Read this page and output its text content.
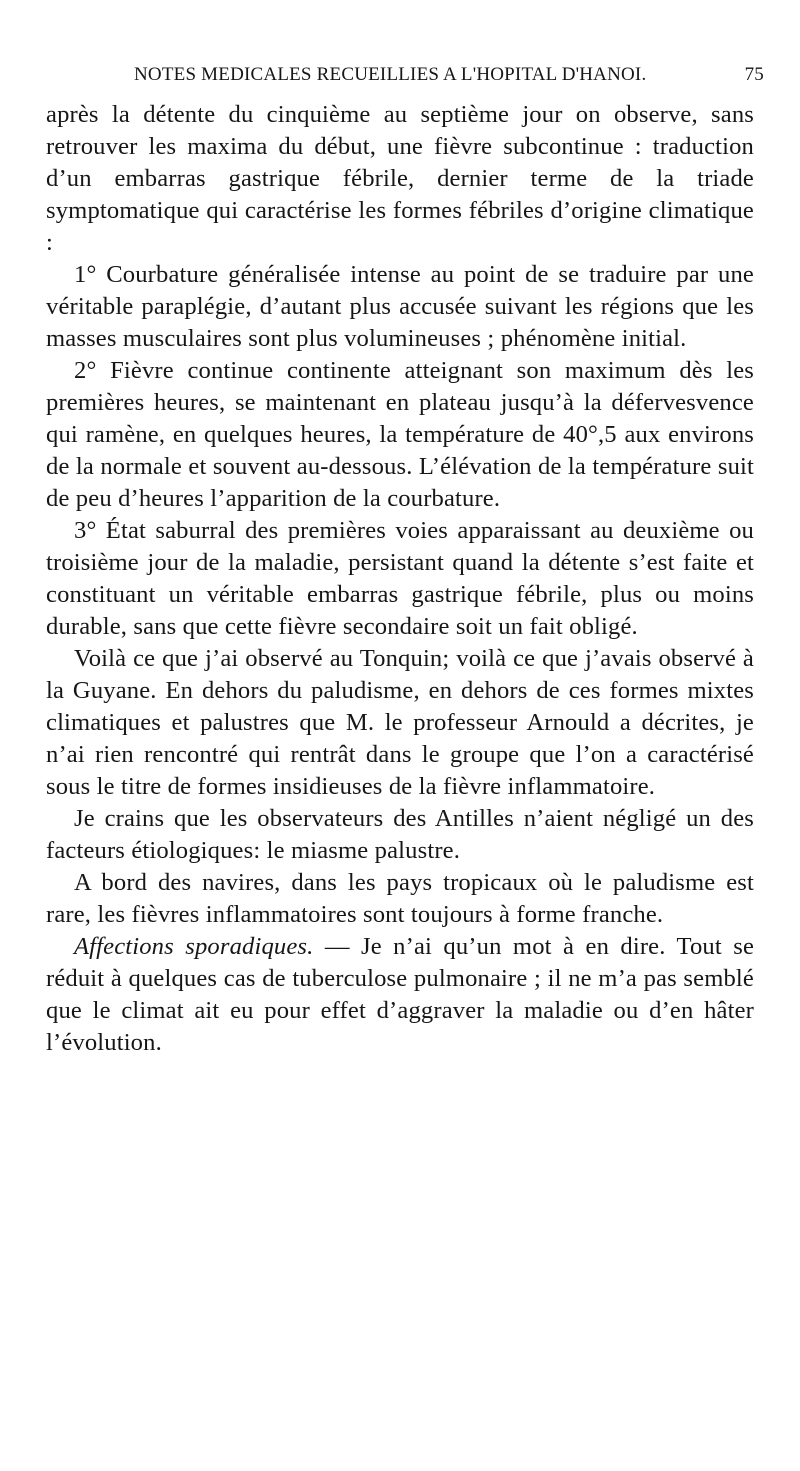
NOTES MEDICALES RECUEILLIES A L'HOPITAL D'HANOI.	75

après la détente du cinquième au septième jour on observe, sans retrouver les maxima du début, une fièvre subcontinue : traduction d’un embarras gastrique fébrile, dernier terme de la triade symptomatique qui caractérise les formes fébriles d’origine climatique :

1° Courbature généralisée intense au point de se traduire par une véritable paraplégie, d’autant plus accusée suivant les régions que les masses musculaires sont plus volumineuses ; phénomène initial.

2° Fièvre continue continente atteignant son maximum dès les premières heures, se maintenant en plateau jusqu’à la défervesvence qui ramène, en quelques heures, la température de 40°,5 aux environs de la normale et souvent au-dessous. L’élévation de la température suit de peu d’heures l’apparition de la courbature.

3° État saburral des premières voies apparaissant au deuxième ou troisième jour de la maladie, persistant quand la détente s’est faite et constituant un véritable embarras gastrique fébrile, plus ou moins durable, sans que cette fièvre secondaire soit un fait obligé.

Voilà ce que j’ai observé au Tonquin; voilà ce que j’avais observé à la Guyane. En dehors du paludisme, en dehors de ces formes mixtes climatiques et palustres que M. le professeur Arnould a décrites, je n’ai rien rencontré qui rentrât dans le groupe que l’on a caractérisé sous le titre de formes insidieuses de la fièvre inflammatoire.

Je crains que les observateurs des Antilles n’aient négligé un des facteurs étiologiques: le miasme palustre.

A bord des navires, dans les pays tropicaux où le paludisme est rare, les fièvres inflammatoires sont toujours à forme franche.

Affections sporadiques. — Je n’ai qu’un mot à en dire. Tout se réduit à quelques cas de tuberculose pulmonaire ; il ne m’a pas semblé que le climat ait eu pour effet d’aggraver la maladie ou d’en hâter l’évolution.
